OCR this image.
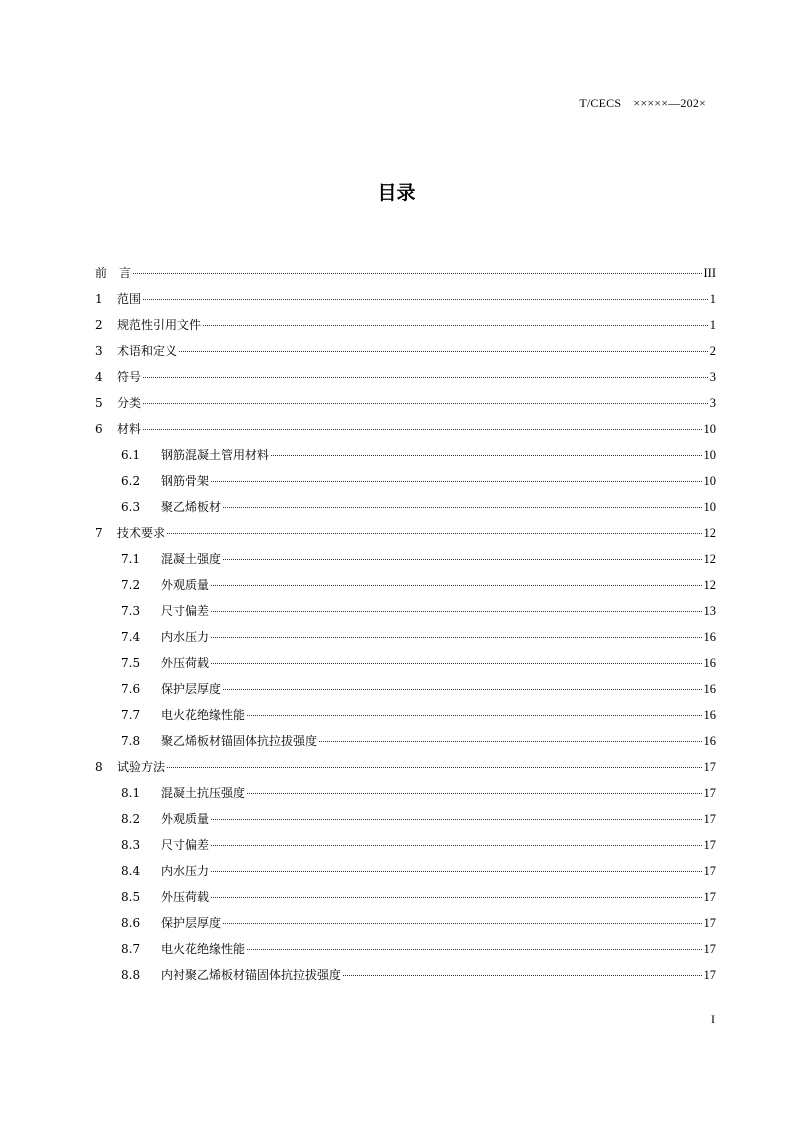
T/CECS ×××××—202×
目录
前 言	III
1	范围	1
2	规范性引用文件	1
3	术语和定义	2
4	符号	3
5	分类	3
6	材料	10
6.1	钢筋混凝土管用材料	10
6.2	钢筋骨架	10
6.3	聚乙烯板材	10
7	技术要求	12
7.1	混凝土强度	12
7.2	外观质量	12
7.3	尺寸偏差	13
7.4	内水压力	16
7.5	外压荷载	16
7.6	保护层厚度	16
7.7	电火花绝缘性能	16
7.8	聚乙烯板材锚固体抗拉拔强度	16
8	试验方法	17
8.1	混凝土抗压强度	17
8.2	外观质量	17
8.3	尺寸偏差	17
8.4	内水压力	17
8.5	外压荷载	17
8.6	保护层厚度	17
8.7	电火花绝缘性能	17
8.8	内衬聚乙烯板材锚固体抗拉拔强度	17
I
